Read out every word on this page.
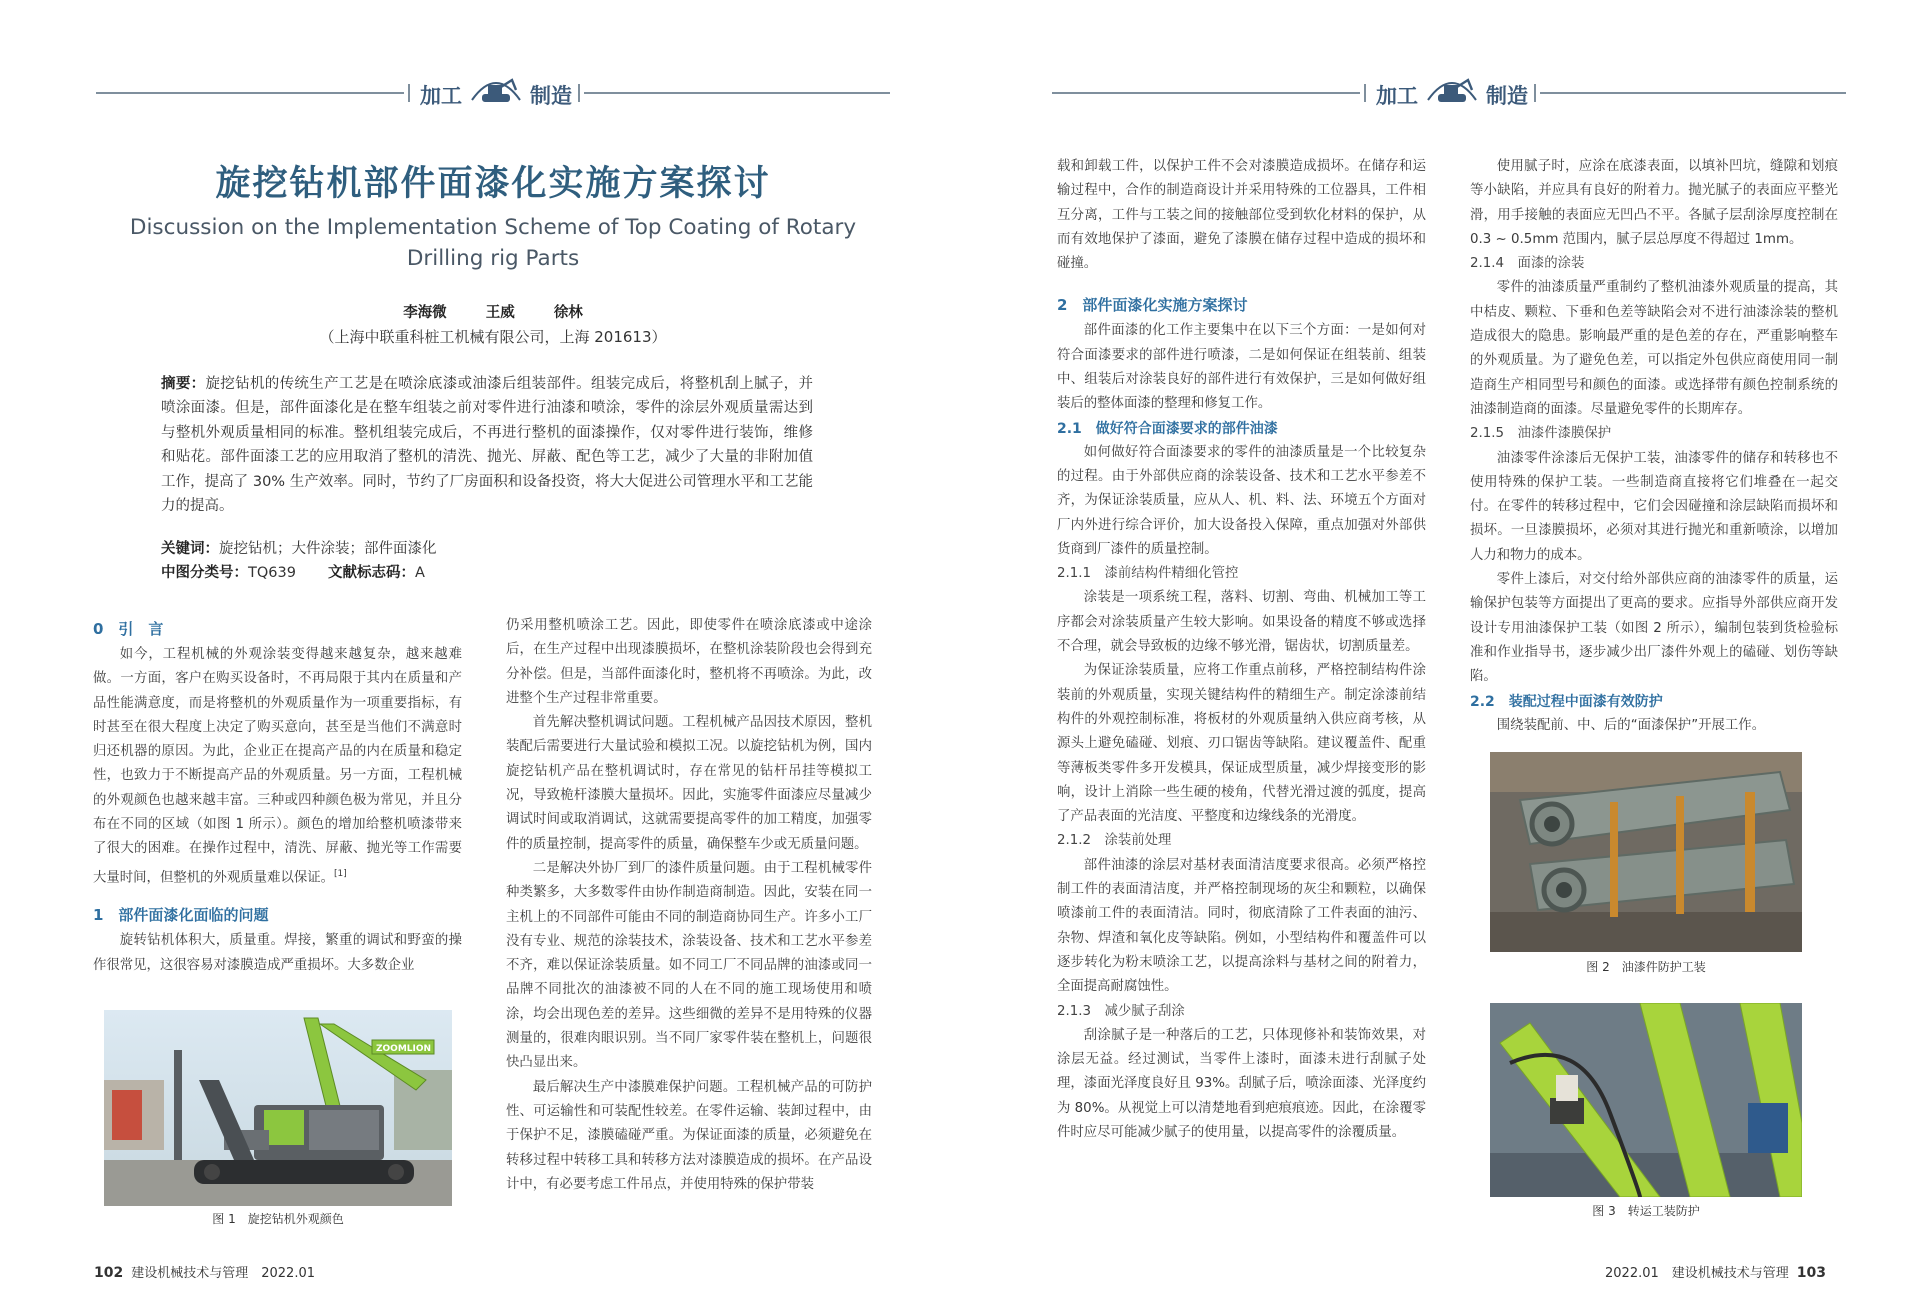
加工	制造	加工	制造
旋挖钻机部件面漆化实施方案探讨
Discussion on the Implementation Scheme of Top Coating of Rotary
Drilling rig Parts
李海微	王威	徐林
（上海中联重科桩工机械有限公司，上海 201613）
摘要：旋挖钻机的传统生产工艺是在喷涂底漆或油漆后组装部件。组装完成后，将整机刮上腻子，并喷涂面漆。但是，部件面漆化是在整车组装之前对零件进行油漆和喷涂，零件的涂层外观质量需达到与整机外观质量相同的标准。整机组装完成后，不再进行整机的面漆操作，仅对零件进行装饰，维修和贴花。部件面漆工艺的应用取消了整机的清洗、抛光、屏蔽、配色等工艺，减少了大量的非附加值工作，提高了 30% 生产效率。同时，节约了厂房面积和设备投资，将大大促进公司管理水平和工艺能力的提高。
关键词：旋挖钻机；大件涂装；部件面漆化
中图分类号：TQ639 文献标志码：A

0　引　言

如今，工程机械的外观涂装变得越来越复杂，越来越难做。一方面，客户在购买设备时，不再局限于其内在质量和产品性能满意度，而是将整机的外观质量作为一项重要指标，有时甚至在很大程度上决定了购买意向，甚至是当他们不满意时归还机器的原因。为此，企业正在提高产品的内在质量和稳定性，也致力于不断提高产品的外观质量。另一方面，工程机械的外观颜色也越来越丰富。三种或四种颜色极为常见，并且分布在不同的区域（如图 1 所示）。颜色的增加给整机喷漆带来了很大的困难。在操作过程中，清洗、屏蔽、抛光等工作需要大量时间，但整机的外观质量难以保证。[1]

1　部件面漆化面临的问题

旋转钻机体积大，质量重。焊接，繁重的调试和野蛮的操作很常见，这很容易对漆膜造成严重损坏。大多数企业

ZOOMLION
图 1　旋挖钻机外观颜色

仍采用整机喷涂工艺。因此，即使零件在喷涂底漆或中途涂后，在生产过程中出现漆膜损坏，在整机涂装阶段也会得到充分补偿。但是，当部件面漆化时，整机将不再喷涂。为此，改进整个生产过程非常重要。

首先解决整机调试问题。工程机械产品因技术原因，整机装配后需要进行大量试验和模拟工况。以旋挖钻机为例，国内旋挖钻机产品在整机调试时，存在常见的钻杆吊挂等模拟工况，导致桅杆漆膜大量损坏。因此，实施零件面漆应尽量减少调试时间或取消调试，这就需要提高零件的加工精度，加强零件的质量控制，提高零件的质量，确保整车少或无质量问题。

二是解决外协厂到厂的漆件质量问题。由于工程机械零件种类繁多，大多数零件由协作制造商制造。因此，安装在同一主机上的不同部件可能由不同的制造商协同生产。许多小工厂没有专业、规范的涂装技术，涂装设备、技术和工艺水平参差不齐，难以保证涂装质量。如不同工厂不同品牌的油漆或同一品牌不同批次的油漆被不同的人在不同的施工现场使用和喷涂，均会出现色差的差异。这些细微的差异不是用特殊的仪器测量的，很难肉眼识别。当不同厂家零件装在整机上，问题很快凸显出来。

最后解决生产中漆膜难保护问题。工程机械产品的可防护性、可运输性和可装配性较差。在零件运输、装卸过程中，由于保护不足，漆膜磕碰严重。为保证面漆的质量，必须避免在转移过程中转移工具和转移方法对漆膜造成的损坏。在产品设计中，有必要考虑工件吊点，并使用特殊的保护带装

载和卸载工件，以保护工件不会对漆膜造成损坏。在储存和运输过程中，合作的制造商设计并采用特殊的工位器具，工件相互分离，工件与工装之间的接触部位受到软化材料的保护，从而有效地保护了漆面，避免了漆膜在储存过程中造成的损坏和碰撞。

2　部件面漆化实施方案探讨

部件面漆的化工作主要集中在以下三个方面：一是如何对符合面漆要求的部件进行喷漆，二是如何保证在组装前、组装中、组装后对涂装良好的部件进行有效保护，三是如何做好组装后的整体面漆的整理和修复工作。

2.1　做好符合面漆要求的部件油漆

如何做好符合面漆要求的零件的油漆质量是一个比较复杂的过程。由于外部供应商的涂装设备、技术和工艺水平参差不齐，为保证涂装质量，应从人、机、料、法、环境五个方面对厂内外进行综合评价，加大设备投入保障，重点加强对外部供货商到厂漆件的质量控制。

2.1.1　漆前结构件精细化管控

涂装是一项系统工程，落料、切割、弯曲、机械加工等工序都会对涂装质量产生较大影响。如果设备的精度不够或选择不合理，就会导致板的边缘不够光滑，锯齿状，切割质量差。

为保证涂装质量，应将工作重点前移，严格控制结构件涂装前的外观质量，实现关键结构件的精细生产。制定涂漆前结构件的外观控制标准，将板材的外观质量纳入供应商考核，从源头上避免磕碰、划痕、刃口锯齿等缺陷。建议覆盖件、配重等薄板类零件多开发模具，保证成型质量，减少焊接变形的影响，设计上消除一些生硬的棱角，代替光滑过渡的弧度，提高了产品表面的光洁度、平整度和边缘线条的光滑度。

2.1.2　涂装前处理

部件油漆的涂层对基材表面清洁度要求很高。必须严格控制工件的表面清洁度，并严格控制现场的灰尘和颗粒，以确保喷漆前工件的表面清洁。同时，彻底清除了工件表面的油污、杂物、焊渣和氧化皮等缺陷。例如，小型结构件和覆盖件可以逐步转化为粉末喷涂工艺，以提高涂料与基材之间的附着力，全面提高耐腐蚀性。

2.1.3　减少腻子刮涂

刮涂腻子是一种落后的工艺，只体现修补和装饰效果，对涂层无益。经过测试，当零件上漆时，面漆未进行刮腻子处理，漆面光泽度良好且 93%。刮腻子后，喷涂面漆、光泽度约为 80%。从视觉上可以清楚地看到疤痕痕迹。因此，在涂覆零件时应尽可能减少腻子的使用量，以提高零件的涂覆质量。

使用腻子时，应涂在底漆表面，以填补凹坑，缝隙和划痕等小缺陷，并应具有良好的附着力。抛光腻子的表面应平整光滑，用手接触的表面应无凹凸不平。各腻子层刮涂厚度控制在 0.3 ~ 0.5mm 范围内，腻子层总厚度不得超过 1mm。

2.1.4　面漆的涂装

零件的油漆质量严重制约了整机油漆外观质量的提高，其中桔皮、颗粒、下垂和色差等缺陷会对不进行油漆涂装的整机造成很大的隐患。影响最严重的是色差的存在，严重影响整车的外观质量。为了避免色差，可以指定外包供应商使用同一制造商生产相同型号和颜色的面漆。或选择带有颜色控制系统的油漆制造商的面漆。尽量避免零件的长期库存。

2.1.5　油漆件漆膜保护

油漆零件涂漆后无保护工装，油漆零件的储存和转移也不使用特殊的保护工装。一些制造商直接将它们堆叠在一起交付。在零件的转移过程中，它们会因碰撞和涂层缺陷而损坏和损坏。一旦漆膜损坏，必须对其进行抛光和重新喷涂，以增加人力和物力的成本。

零件上漆后，对交付给外部供应商的油漆零件的质量，运输保护包装等方面提出了更高的要求。应指导外部供应商开发设计专用油漆保护工装（如图 2 所示），编制包装到货检验标准和作业指导书，逐步减少出厂漆件外观上的磕碰、划伤等缺陷。

2.2　装配过程中面漆有效防护

围绕装配前、中、后的“面漆保护”开展工作。

图 2　油漆件防护工装
图 3　转运工装防护
102 建设机械技术与管理　2022.01	2022.01　建设机械技术与管理 103
